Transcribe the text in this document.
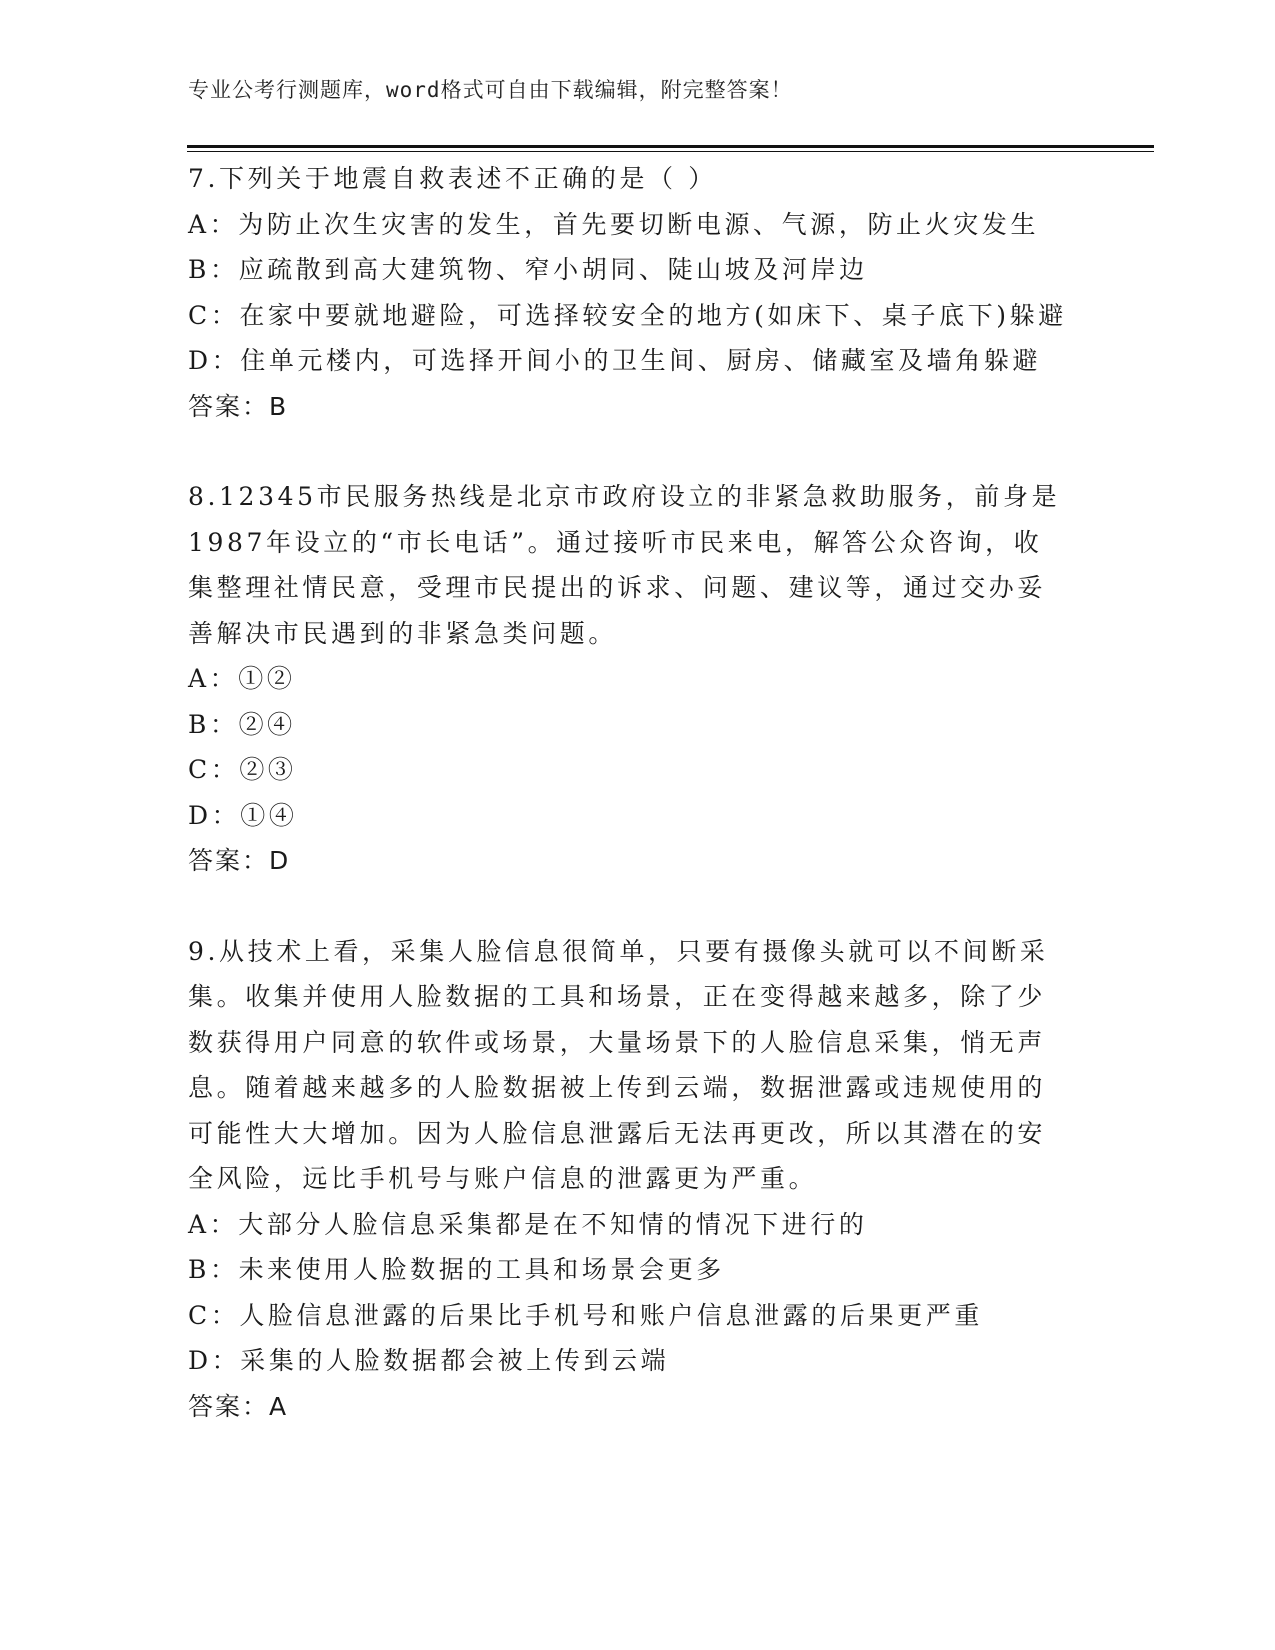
专业公考行测题库，word格式可自由下载编辑，附完整答案！
7.下列关于地震自救表述不正确的是（ ）
A：为防止次生灾害的发生，首先要切断电源、气源，防止火灾发生
B：应疏散到高大建筑物、窄小胡同、陡山坡及河岸边
C：在家中要就地避险，可选择较安全的地方(如床下、桌子底下)躲避
D：住单元楼内，可选择开间小的卫生间、厨房、储藏室及墙角躲避
答案：B
8.12345市民服务热线是北京市政府设立的非紧急救助服务，前身是
1987年设立的“市长电话”。通过接听市民来电，解答公众咨询，收
集整理社情民意，受理市民提出的诉求、问题、建议等，通过交办妥
善解决市民遇到的非紧急类问题。
A：①②
B：②④
C：②③
D：①④
答案：D
9.从技术上看，采集人脸信息很简单，只要有摄像头就可以不间断采
集。收集并使用人脸数据的工具和场景，正在变得越来越多，除了少
数获得用户同意的软件或场景，大量场景下的人脸信息采集，悄无声
息。随着越来越多的人脸数据被上传到云端，数据泄露或违规使用的
可能性大大增加。因为人脸信息泄露后无法再更改，所以其潜在的安
全风险，远比手机号与账户信息的泄露更为严重。
A：大部分人脸信息采集都是在不知情的情况下进行的
B：未来使用人脸数据的工具和场景会更多
C：人脸信息泄露的后果比手机号和账户信息泄露的后果更严重
D：采集的人脸数据都会被上传到云端
答案：A
